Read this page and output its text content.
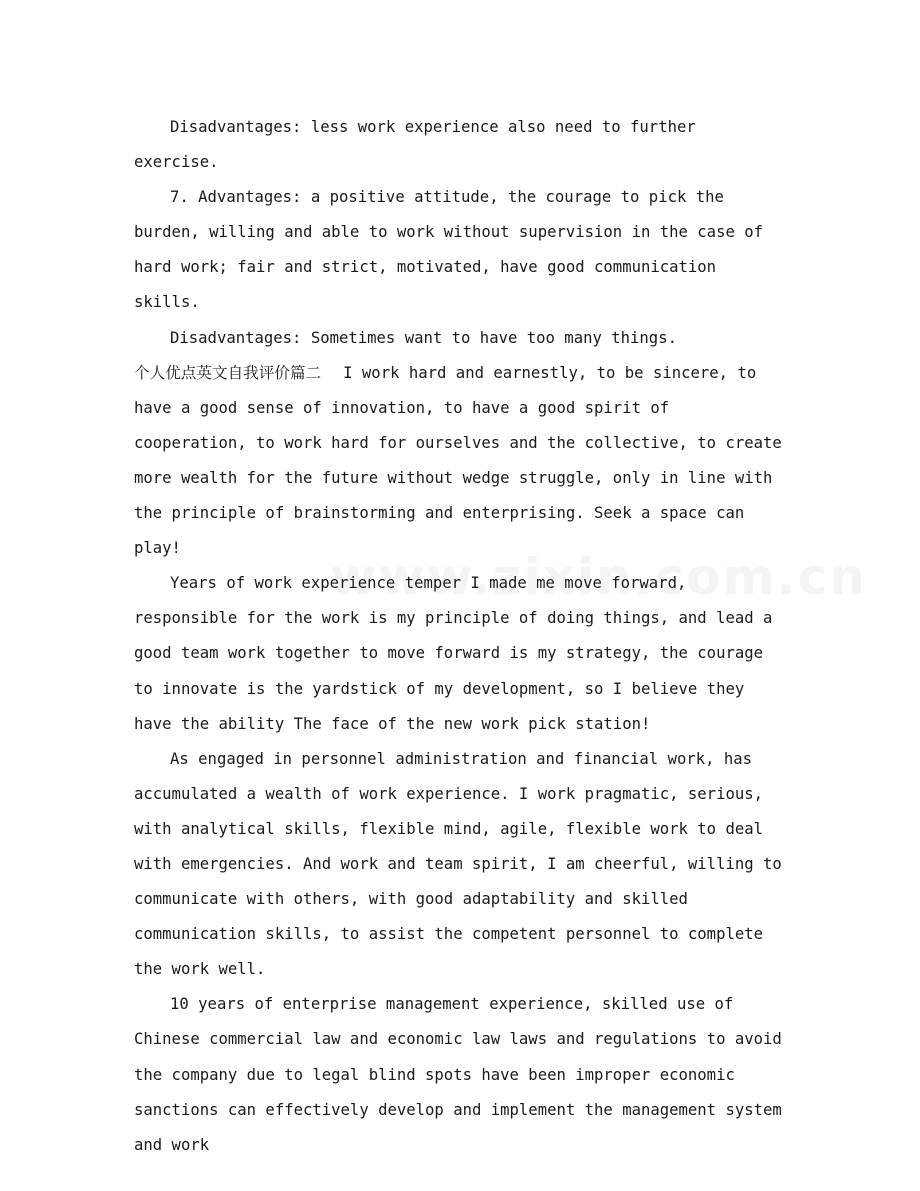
Disadvantages: less work experience also need to further exercise.

7. Advantages: a positive attitude, the courage to pick the burden, willing and able to work without supervision in the case of hard work; fair and strict, motivated, have good communication skills.

Disadvantages: Sometimes want to have too many things.

个人优点英文自我评价篇二 I work hard and earnestly, to be sincere, to have a good sense of innovation, to have a good spirit of cooperation, to work hard for ourselves and the collective, to create more wealth for the future without wedge struggle, only in line with the principle of brainstorming and enterprising. Seek a space can play!

Years of work experience temper I made me move forward, responsible for the work is my principle of doing things, and lead a good team work together to move forward is my strategy, the courage to innovate is the yardstick of my development, so I believe they have the ability The face of the new work pick station!

As engaged in personnel administration and financial work, has accumulated a wealth of work experience. I work pragmatic, serious, with analytical skills, flexible mind, agile, flexible work to deal with emergencies. And work and team spirit, I am cheerful, willing to communicate with others, with good adaptability and skilled communication skills, to assist the competent personnel to complete the work well.

10 years of enterprise management experience, skilled use of Chinese commercial law and economic law laws and regulations to avoid the company due to legal blind spots have been improper economic sanctions can effectively develop and implement the management system and work
